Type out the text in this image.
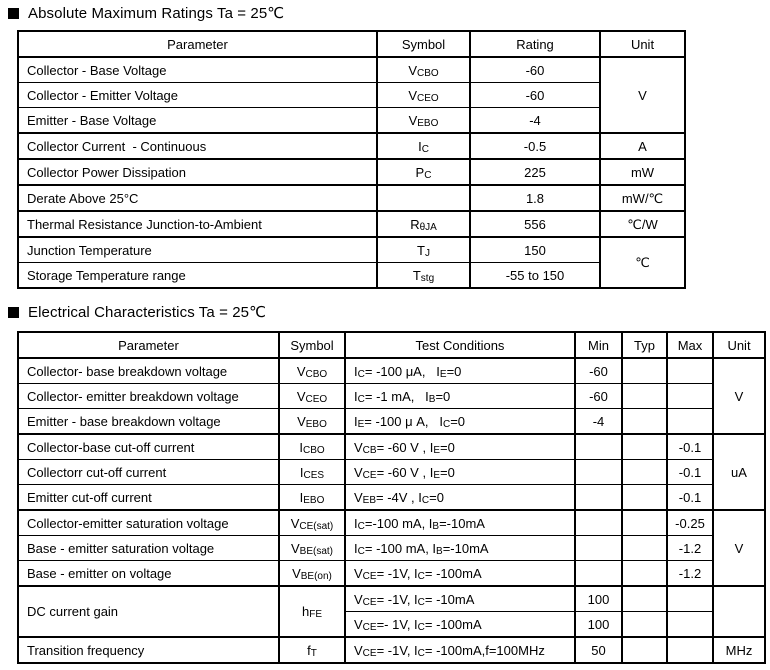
Absolute Maximum Ratings Ta = 25℃
Parameter	Symbol	Rating	Unit
Collector - Base Voltage	$V_{CBO}$	-60	V
Collector - Emitter Voltage	$V_{CEO}$	-60	
Emitter - Base Voltage	$V_{EBO}$	-4	
Collector Current  - Continuous	$I_C$	-0.5	A
Collector Power Dissipation	$P_C$	225	mW
Derate Above 25°C		1.8	mW/℃
Thermal Resistance Junction-to-Ambient	$R_{\theta JA}$	556	℃/W
Junction Temperature	$T_J$	150	℃
Storage Temperature range	$T_{stg}$	-55 to 150	
Electrical Characteristics Ta = 25℃
Parameter	Symbol	Test Conditions	Min	Typ	Max	Unit
Collector- base breakdown voltage	$V_{CBO}$	$I_C= -100$ μA,   $I_E=0$	-60			V
Collector- emitter breakdown voltage	$V_{CEO}$	$I_C= -1$ mA,   $I_B=0$	-60			
Emitter - base breakdown voltage	$V_{EBO}$	$I_E= -100$ μ A,   $I_C=0$	-4			
Collector-base cut-off current	$I_{CBO}$	$V_{CB}= -60$ V , $I_E=0$			-0.1	uA
Collectorr cut-off current	$I_{CES}$	$V_{CE}= -60$ V , $I_E=0$			-0.1	
Emitter cut-off current	$I_{EBO}$	$V_{EB}= -4V$ , $I_C=0$			-0.1	
Collector-emitter saturation voltage	$V_{CE(sat)}$	$I_C=-100$ mA, $I_B=-10mA$			-0.25	V
Base - emitter saturation voltage	$V_{BE(sat)}$	$I_C= -100$ mA, $I_B=-10mA$			-1.2	
Base - emitter on voltage	$V_{BE(on)}$	$V_{CE}= -1V$, $I_C= -100mA$			-1.2	
DC current gain	$h_{FE}$	$V_{CE}= -1V$, $I_C= -10mA$	100			
		$V_{CE}=-$ 1V, $I_C= -100mA$	100			
Transition frequency	$f_T$	$V_{CE}= -1V$, $I_C= -100mA,f=100MHz$	50			MHz
